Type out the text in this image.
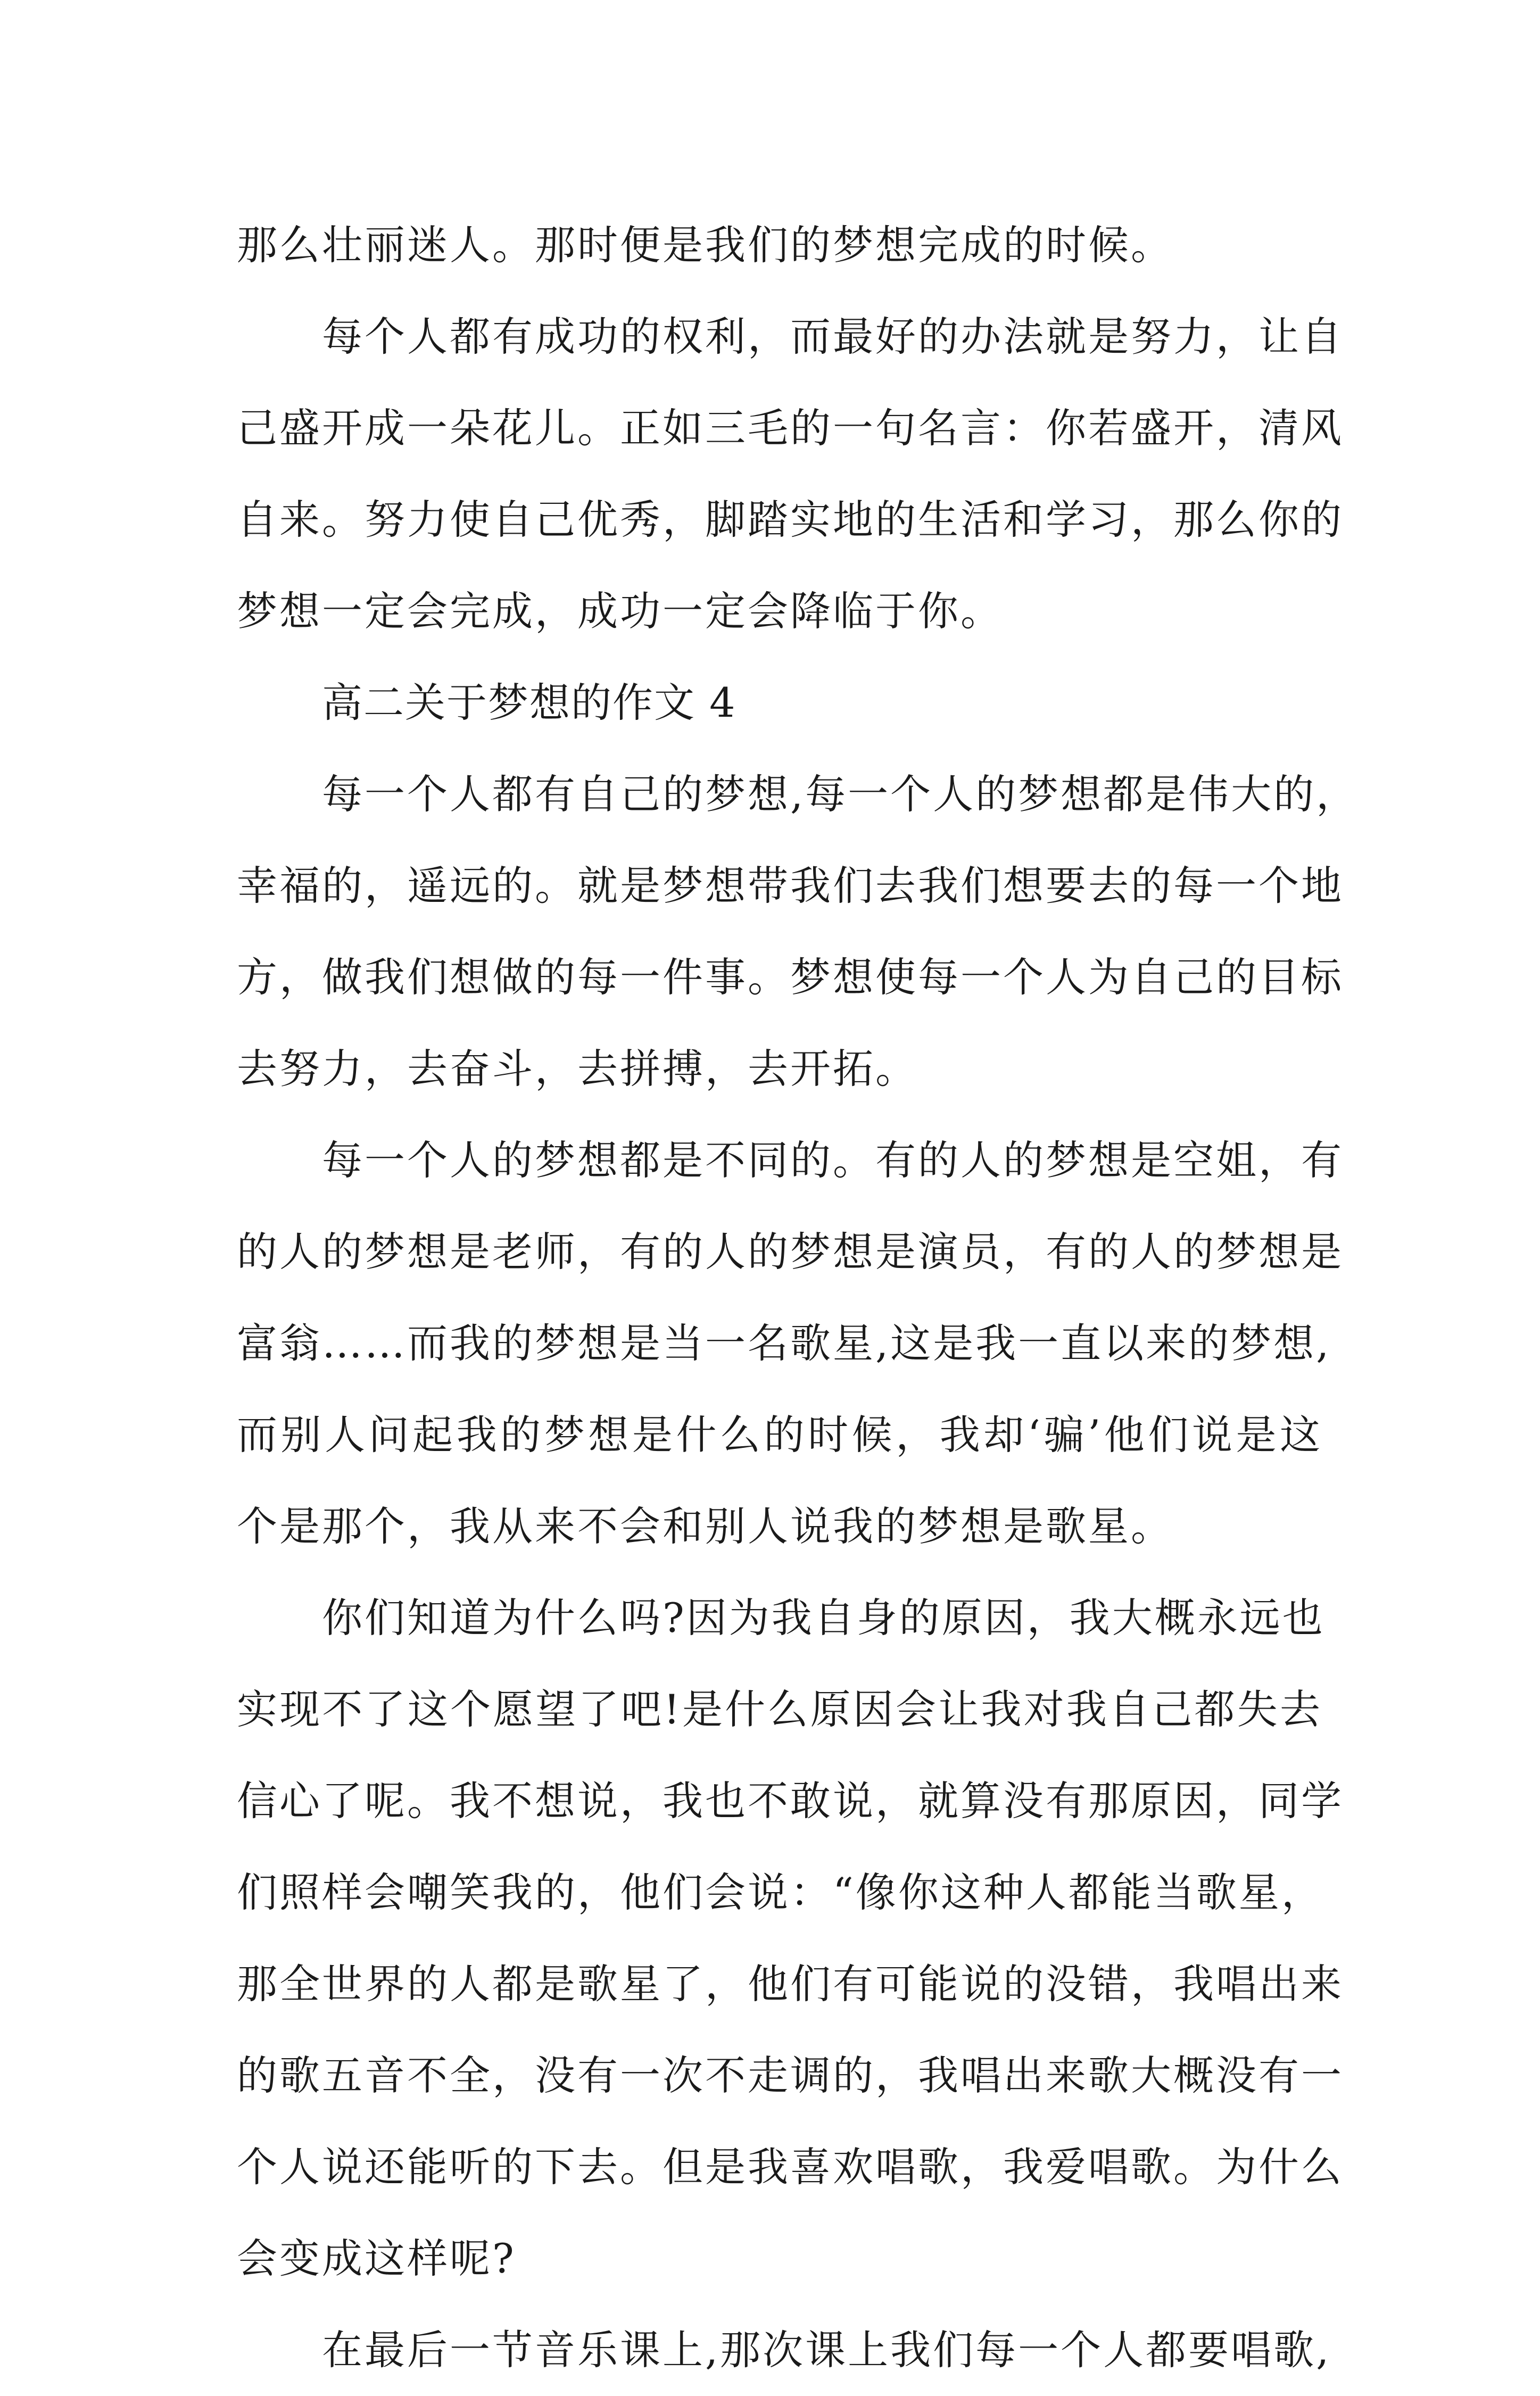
那么壮丽迷人。那时便是我们的梦想完成的时候。
每个人都有成功的权利，而最好的办法就是努力，让自
己盛开成一朵花儿。正如三毛的一句名言：你若盛开，清风
自来。努力使自己优秀，脚踏实地的生活和学习，那么你的
梦想一定会完成，成功一定会降临于你。
高二关于梦想的作文 4
每一个人都有自己的梦想,每一个人的梦想都是伟大的，
幸福的，遥远的。就是梦想带我们去我们想要去的每一个地
方，做我们想做的每一件事。梦想使每一个人为自己的目标
去努力，去奋斗，去拼搏，去开拓。
每一个人的梦想都是不同的。有的人的梦想是空姐，有
的人的梦想是老师，有的人的梦想是演员，有的人的梦想是
富翁……而我的梦想是当一名歌星,这是我一直以来的梦想,
而别人问起我的梦想是什么的时候，我却‘骗’他们说是这
个是那个，我从来不会和别人说我的梦想是歌星。
你们知道为什么吗?因为我自身的原因，我大概永远也
实现不了这个愿望了吧!是什么原因会让我对我自己都失去
信心了呢。我不想说，我也不敢说，就算没有那原因，同学
们照样会嘲笑我的，他们会说：“像你这种人都能当歌星，
那全世界的人都是歌星了，他们有可能说的没错，我唱出来
的歌五音不全，没有一次不走调的，我唱出来歌大概没有一
个人说还能听的下去。但是我喜欢唱歌，我爱唱歌。为什么
会变成这样呢?
在最后一节音乐课上,那次课上我们每一个人都要唱歌,
